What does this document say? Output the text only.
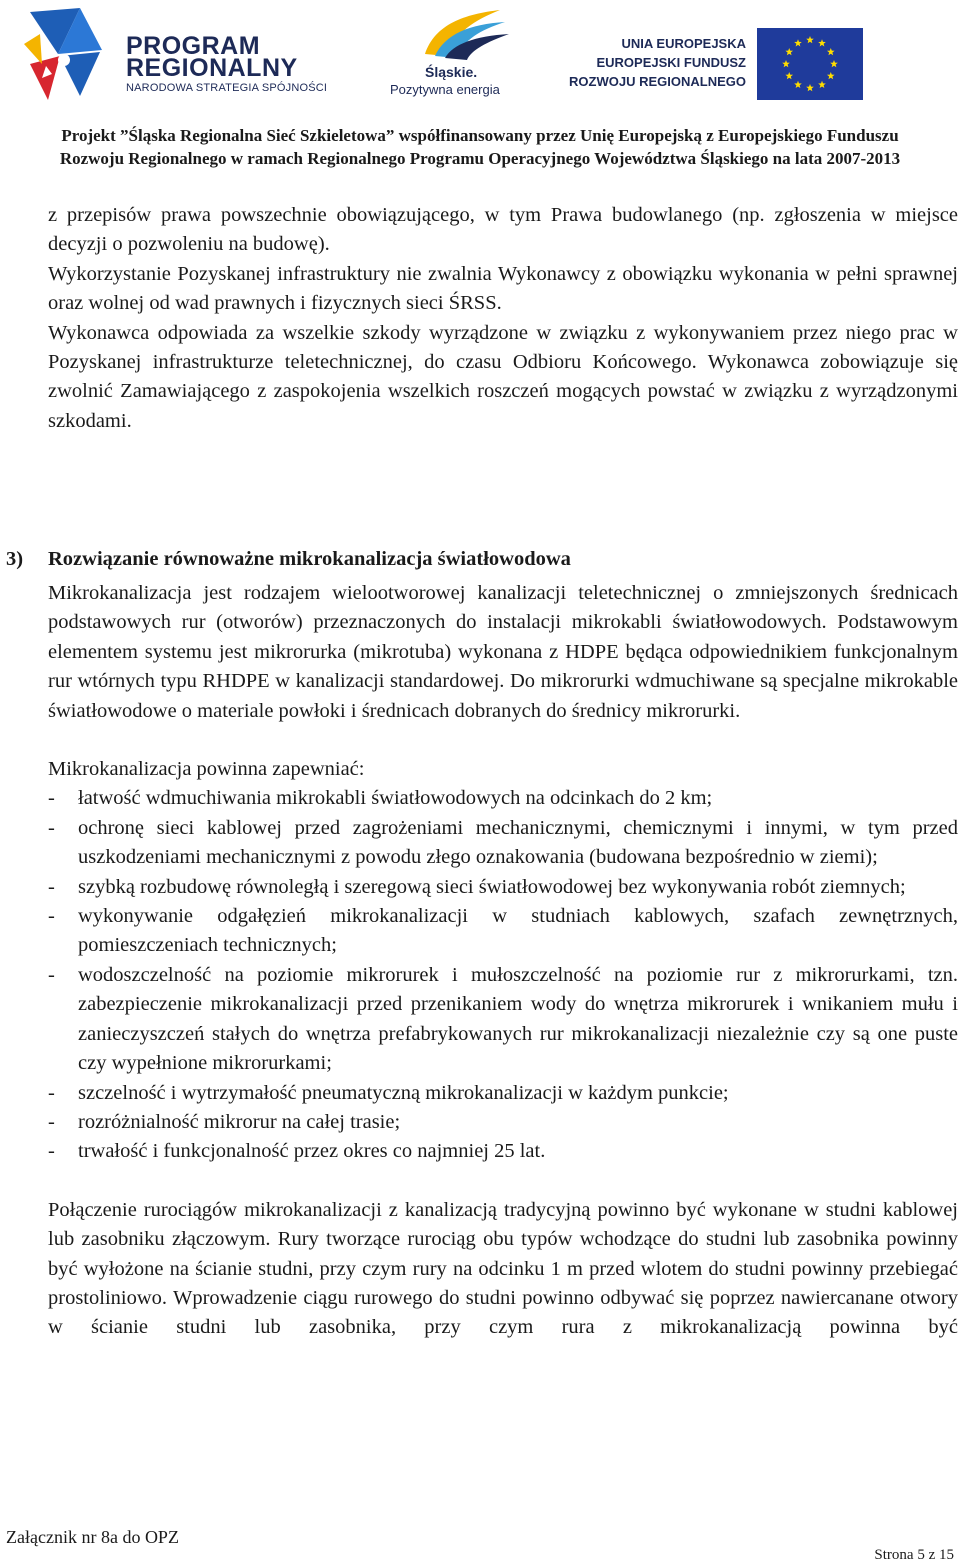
PROGRAM
REGIONALNY
NARODOWA STRATEGIA SPÓJNOŚCI
Śląskie.
Pozytywna energia
UNIA EUROPEJSKA
EUROPEJSKI FUNDUSZ
ROZWOJU REGIONALNEGO
Projekt ”Śląska Regionalna Sieć Szkieletowa” współfinansowany przez Unię Europejską z Europejskiego Funduszu
Rozwoju Regionalnego w ramach Regionalnego Programu Operacyjnego Województwa Śląskiego na lata 2007-2013

z przepisów prawa powszechnie obowiązującego, w tym Prawa budowlanego (np. zgłoszenia w miejsce decyzji o pozwoleniu na budowę).

Wykorzystanie Pozyskanej infrastruktury nie zwalnia Wykonawcy z obowiązku wykonania w pełni sprawnej oraz wolnej od wad prawnych i fizycznych sieci ŚRSS.

Wykonawca odpowiada za wszelkie szkody wyrządzone w związku z wykonywaniem przez niego prac w Pozyskanej infrastrukturze teletechnicznej, do czasu Odbioru Końcowego. Wykonawca zobowiązuje się zwolnić Zamawiającego z zaspokojenia wszelkich roszczeń mogących powstać w związku z wyrządzonymi szkodami.

3) Rozwiązanie równoważne mikrokanalizacja światłowodowa

Mikrokanalizacja jest rodzajem wielootworowej kanalizacji teletechnicznej o zmniejszonych średnicach podstawowych rur (otworów) przeznaczonych do instalacji mikrokabli światłowodowych. Podstawowym elementem systemu jest mikrorurka (mikrotuba) wykonana z HDPE będąca odpowiednikiem funkcjonalnym rur wtórnych typu RHDPE w kanalizacji standardowej. Do mikrorurki wdmuchiwane są specjalne mikrokable światłowodowe o materiale powłoki i średnicach dobranych do średnicy mikrorurki.

Mikrokanalizacja powinna zapewniać:

- łatwość wdmuchiwania mikrokabli światłowodowych na odcinkach do 2 km;
- ochronę sieci kablowej przed zagrożeniami mechanicznymi, chemicznymi i innymi, w tym przed uszkodzeniami mechanicznymi z powodu złego oznakowania (budowana bezpośrednio w ziemi);
- szybką rozbudowę równoległą i szeregową sieci światłowodowej bez wykonywania robót ziemnych;
- wykonywanie odgałęzień mikrokanalizacji w studniach kablowych, szafach zewnętrznych, pomieszczeniach technicznych;
- wodoszczelność na poziomie mikrorurek i mułoszczelność na poziomie rur z mikrorurkami, tzn. zabezpieczenie mikrokanalizacji przed przenikaniem wody do wnętrza mikrorurek i wnikaniem mułu i zanieczyszczeń stałych do wnętrza prefabrykowanych rur mikrokanalizacji niezależnie czy są one puste czy wypełnione mikrorurkami;
- szczelność i wytrzymałość pneumatyczną mikrokanalizacji w każdym punkcie;
- rozróżnialność mikrorur na całej trasie;
- trwałość i funkcjonalność przez okres co najmniej 25 lat.

Połączenie rurociągów mikrokanalizacji z kanalizacją tradycyjną powinno być wykonane w studni kablowej lub zasobniku złączowym. Rury tworzące rurociąg obu typów wchodzące do studni lub zasobnika powinny być wyłożone na ścianie studni, przy czym rury na odcinku 1 m przed wlotem do studni powinny przebiegać prostoliniowo. Wprowadzenie ciągu rurowego do studni powinno odbywać się poprzez nawiercanane otwory w ścianie studni lub zasobnika, przy czym rura z mikrokanalizacją powinna być

Załącznik nr 8a do OPZ
Strona 5 z 15
